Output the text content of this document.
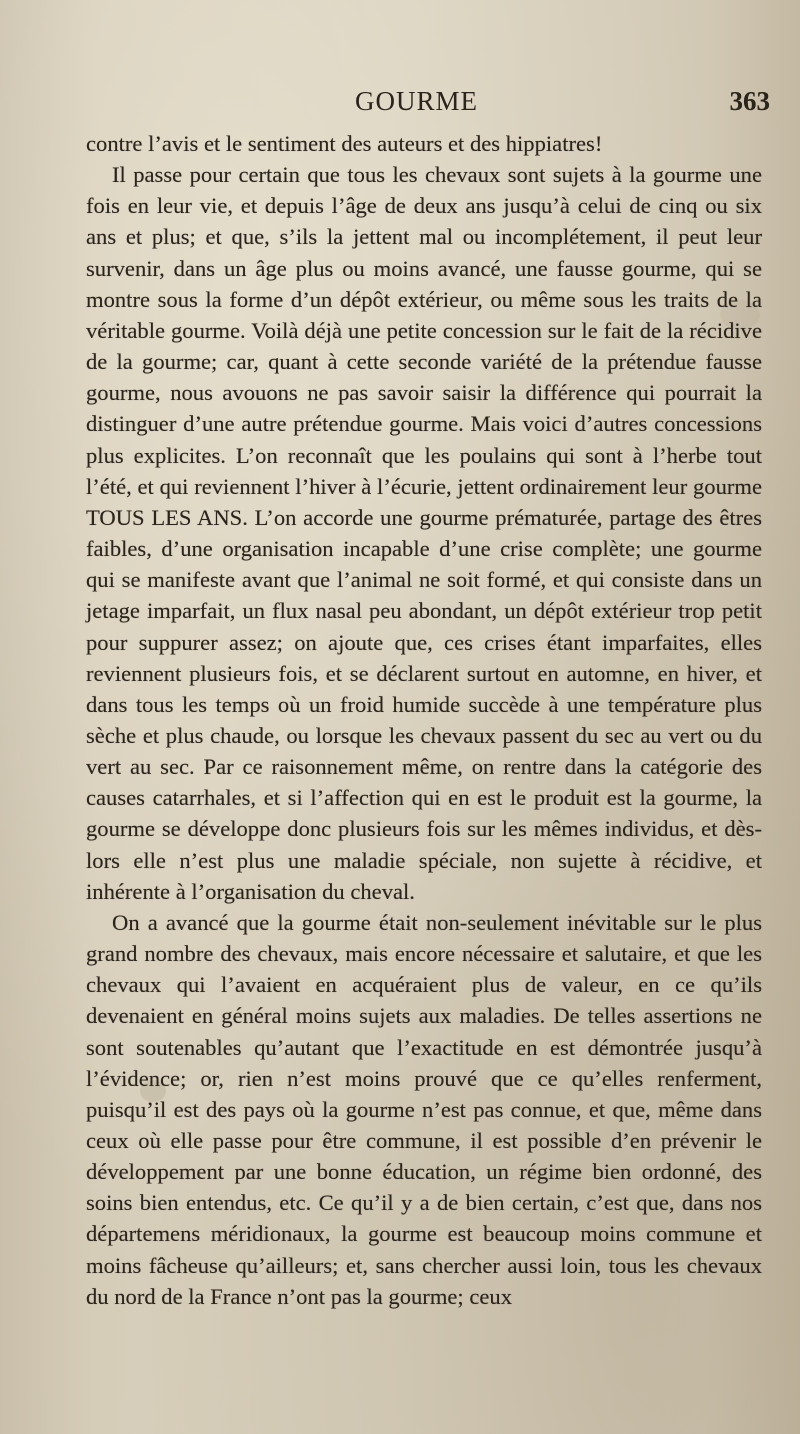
GOURME	363

contre l’avis et le sentiment des auteurs et des hippiatres!

Il passe pour certain que tous les chevaux sont sujets à la gourme une fois en leur vie, et depuis l’âge de deux ans jusqu’à celui de cinq ou six ans et plus; et que, s’ils la jettent mal ou incomplétement, il peut leur survenir, dans un âge plus ou moins avancé, une fausse gourme, qui se montre sous la forme d’un dépôt extérieur, ou même sous les traits de la véritable gourme. Voilà déjà une petite concession sur le fait de la récidive de la gourme; car, quant à cette seconde variété de la prétendue fausse gourme, nous avouons ne pas savoir saisir la différence qui pourrait la distinguer d’une autre prétendue gourme. Mais voici d’autres concessions plus explicites. L’on reconnaît que les poulains qui sont à l’herbe tout l’été, et qui reviennent l’hiver à l’écurie, jettent ordinairement leur gourme TOUS LES ANS. L’on accorde une gourme prématurée, partage des êtres faibles, d’une organisation incapable d’une crise complète; une gourme qui se manifeste avant que l’animal ne soit formé, et qui consiste dans un jetage imparfait, un flux nasal peu abondant, un dépôt extérieur trop petit pour suppurer assez; on ajoute que, ces crises étant imparfaites, elles reviennent plusieurs fois, et se déclarent surtout en automne, en hiver, et dans tous les temps où un froid humide succède à une température plus sèche et plus chaude, ou lorsque les chevaux passent du sec au vert ou du vert au sec. Par ce raisonnement même, on rentre dans la catégorie des causes catarrhales, et si l’affection qui en est le produit est la gourme, la gourme se développe donc plusieurs fois sur les mêmes individus, et dès-lors elle n’est plus une maladie spéciale, non sujette à récidive, et inhérente à l’organisation du cheval.

On a avancé que la gourme était non-seulement inévitable sur le plus grand nombre des chevaux, mais encore nécessaire et salutaire, et que les chevaux qui l’avaient en acquéraient plus de valeur, en ce qu’ils devenaient en général moins sujets aux maladies. De telles assertions ne sont soutenables qu’autant que l’exactitude en est démontrée jusqu’à l’évidence; or, rien n’est moins prouvé que ce qu’elles renferment, puisqu’il est des pays où la gourme n’est pas connue, et que, même dans ceux où elle passe pour être commune, il est possible d’en prévenir le développement par une bonne éducation, un régime bien ordonné, des soins bien entendus, etc. Ce qu’il y a de bien certain, c’est que, dans nos départemens méridionaux, la gourme est beaucoup moins commune et moins fâcheuse qu’ailleurs; et, sans chercher aussi loin, tous les chevaux du nord de la France n’ont pas la gourme; ceux
